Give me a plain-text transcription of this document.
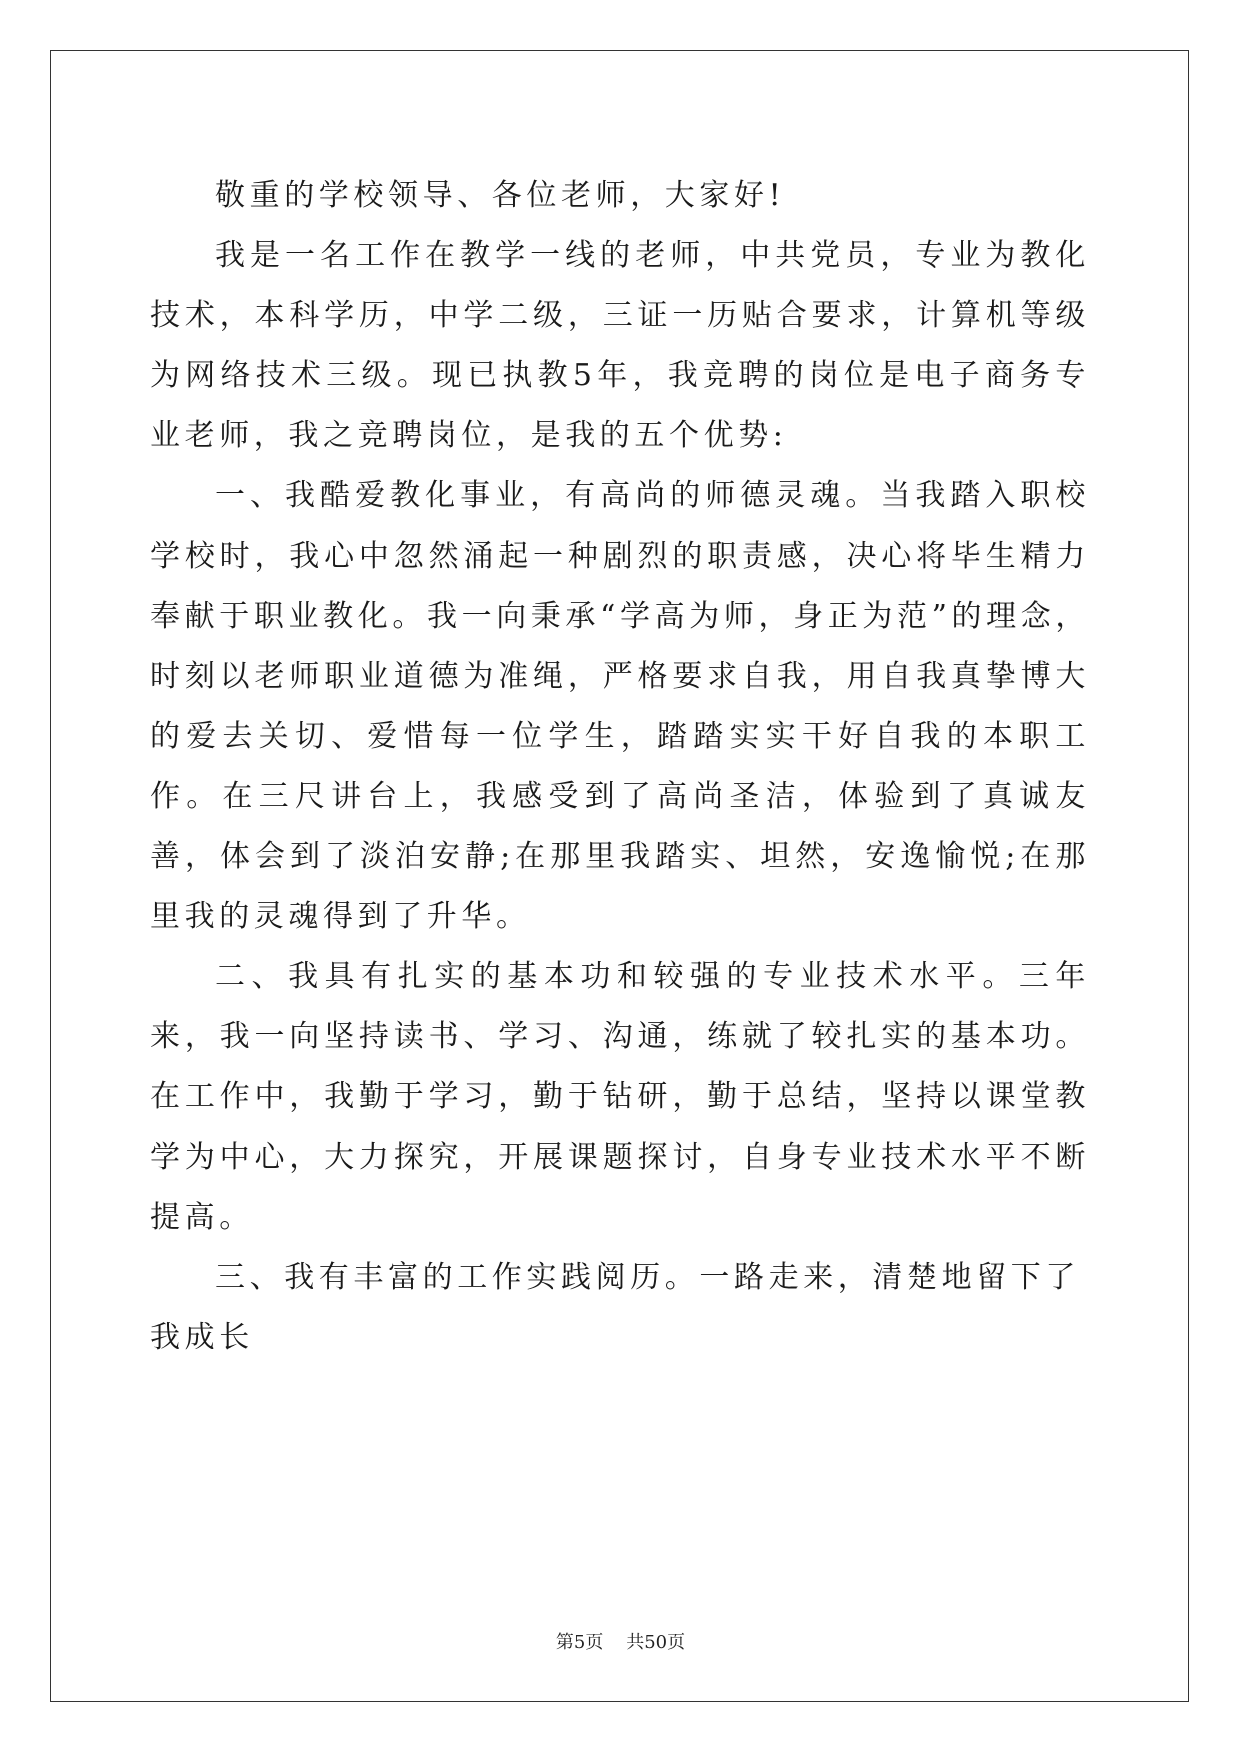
敬重的学校领导、各位老师，大家好!

我是一名工作在教学一线的老师，中共党员，专业为教化技术，本科学历，中学二级，三证一历贴合要求，计算机等级为网络技术三级。现已执教5年，我竞聘的岗位是电子商务专业老师，我之竞聘岗位，是我的五个优势:

一、我酷爱教化事业，有高尚的师德灵魂。当我踏入职校学校时，我心中忽然涌起一种剧烈的职责感，决心将毕生精力奉献于职业教化。我一向秉承“学高为师，身正为范”的理念，时刻以老师职业道德为准绳，严格要求自我，用自我真挚博大的爱去关切、爱惜每一位学生，踏踏实实干好自我的本职工作。在三尺讲台上，我感受到了高尚圣洁，体验到了真诚友善，体会到了淡泊安静;在那里我踏实、坦然，安逸愉悦;在那里我的灵魂得到了升华。

二、我具有扎实的基本功和较强的专业技术水平。三年来，我一向坚持读书、学习、沟通，练就了较扎实的基本功。在工作中，我勤于学习，勤于钻研，勤于总结，坚持以课堂教学为中心，大力探究，开展课题探讨，自身专业技术水平不断提高。

三、我有丰富的工作实践阅历。一路走来，清楚地留下了我成长

第5页    共50页
